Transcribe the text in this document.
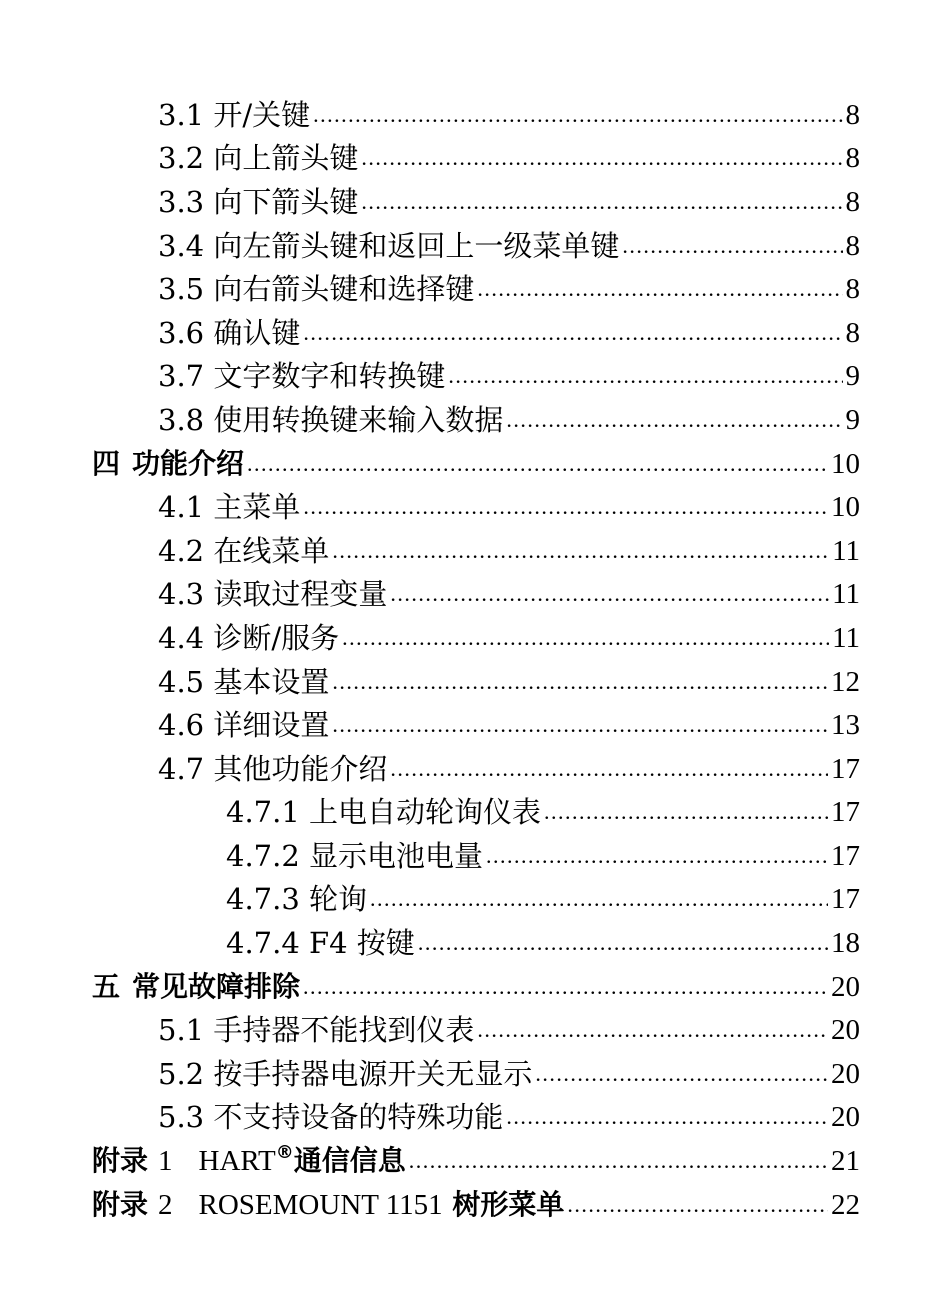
3.1 开/关键 .....	8
3.2 向上箭头键 .....	8
3.3 向下箭头键 .....	8
3.4 向左箭头键和返回上一级菜单键 .....	8
3.5 向右箭头键和选择键 .....	8
3.6 确认键 .....	8
3.7 文字数字和转换键 .....	9
3.8 使用转换键来输入数据 .....	9
四 功能介绍 .....	10
4.1 主菜单 .....	10
4.2 在线菜单 .....	11
4.3 读取过程变量 .....	11
4.4 诊断/服务 .....	11
4.5 基本设置 .....	12
4.6 详细设置 .....	13
4.7 其他功能介绍 .....	17
4.7.1 上电自动轮询仪表 .....	17
4.7.2 显示电池电量 .....	17
4.7.3 轮询 .....	17
4.7.4 F4 按键 .....	18
五 常见故障排除 .....	20
5.1 手持器不能找到仪表 .....	20
5.2 按手持器电源开关无显示 .....	20
5.3 不支持设备的特殊功能 .....	20
附录 1 HART®通信信息 .....	21
附录 2 ROSEMOUNT 1151 树形菜单 .....	22
